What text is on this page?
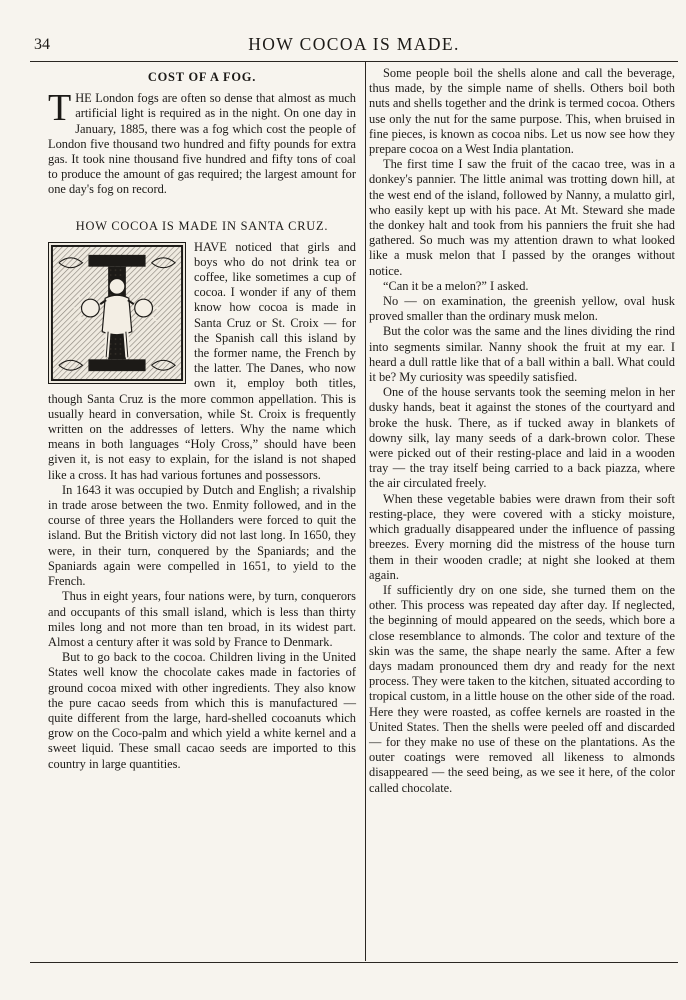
34	HOW COCOA IS MADE.
COST OF A FOG.

THE London fogs are often so dense that almost as much artificial light is required as in the night. On one day in January, 1885, there was a fog which cost the people of London five thousand two hundred and fifty pounds for extra gas. It took nine thousand five hundred and fifty tons of coal to produce the amount of gas required; the largest amount for one day's fog on record.

HOW COCOA IS MADE IN SANTA CRUZ.

HAVE noticed that girls and boys who do not drink tea or coffee, like sometimes a cup of cocoa. I wonder if any of them know how cocoa is made in Santa Cruz or St. Croix — for the Spanish call this island by the former name, the French by the latter. The Danes, who now own it, employ both titles, though Santa Cruz is the more common appellation. This is usually heard in conversation, while St. Croix is frequently written on the addresses of letters. Why the name which means in both languages “Holy Cross,” should have been given it, is not easy to explain, for the island is not shaped like a cross. It has had various fortunes and possessors.

In 1643 it was occupied by Dutch and English; a rivalship in trade arose between the two. Enmity followed, and in the course of three years the Hollanders were forced to quit the island. But the British victory did not last long. In 1650, they were, in their turn, conquered by the Spaniards; and the Spaniards again were compelled in 1651, to yield to the French.

Thus in eight years, four nations were, by turn, conquerors and occupants of this small island, which is less than thirty miles long and not more than ten broad, in its widest part. Almost a century after it was sold by France to Denmark.

But to go back to the cocoa. Children living in the United States well know the chocolate cakes made in factories of ground cocoa mixed with other ingredients. They also know the pure cacao seeds from which this is manufactured — quite different from the large, hard-shelled cocoanuts which grow on the Coco-palm and which yield a white kernel and a sweet liquid. These small cacao seeds are imported to this country in large quantities.

Some people boil the shells alone and call the beverage, thus made, by the simple name of shells. Others boil both nuts and shells together and the drink is termed cocoa. Others use only the nut for the same purpose. This, when bruised in fine pieces, is known as cocoa nibs. Let us now see how they prepare cocoa on a West India plantation.

The first time I saw the fruit of the cacao tree, was in a donkey's pannier. The little animal was trotting down hill, at the west end of the island, followed by Nanny, a mulatto girl, who easily kept up with his pace. At Mt. Steward she made the donkey halt and took from his panniers the fruit she had gathered. So much was my attention drawn to what looked like a musk melon that I passed by the oranges without notice.

“Can it be a melon?” I asked.

No — on examination, the greenish yellow, oval husk proved smaller than the ordinary musk melon.

But the color was the same and the lines dividing the rind into segments similar. Nanny shook the fruit at my ear. I heard a dull rattle like that of a ball within a ball. What could it be? My curiosity was speedily satisfied.

One of the house servants took the seeming melon in her dusky hands, beat it against the stones of the courtyard and broke the husk. There, as if tucked away in blankets of downy silk, lay many seeds of a dark-brown color. These were picked out of their resting-place and laid in a wooden tray — the tray itself being carried to a back piazza, where the air circulated freely.

When these vegetable babies were drawn from their soft resting-place, they were covered with a sticky moisture, which gradually disappeared under the influence of passing breezes. Every morning did the mistress of the house turn them in their wooden cradle; at night she looked at them again.

If sufficiently dry on one side, she turned them on the other. This process was repeated day after day. If neglected, the beginning of mould appeared on the seeds, which bore a close resemblance to almonds. The color and texture of the skin was the same, the shape nearly the same. After a few days madam pronounced them dry and ready for the next process. They were taken to the kitchen, situated according to tropical custom, in a little house on the other side of the road. Here they were roasted, as coffee kernels are roasted in the United States. Then the shells were peeled off and discarded — for they make no use of these on the plantations. As the outer coatings were removed all likeness to almonds disappeared — the seed being, as we see it here, of the color called chocolate.
